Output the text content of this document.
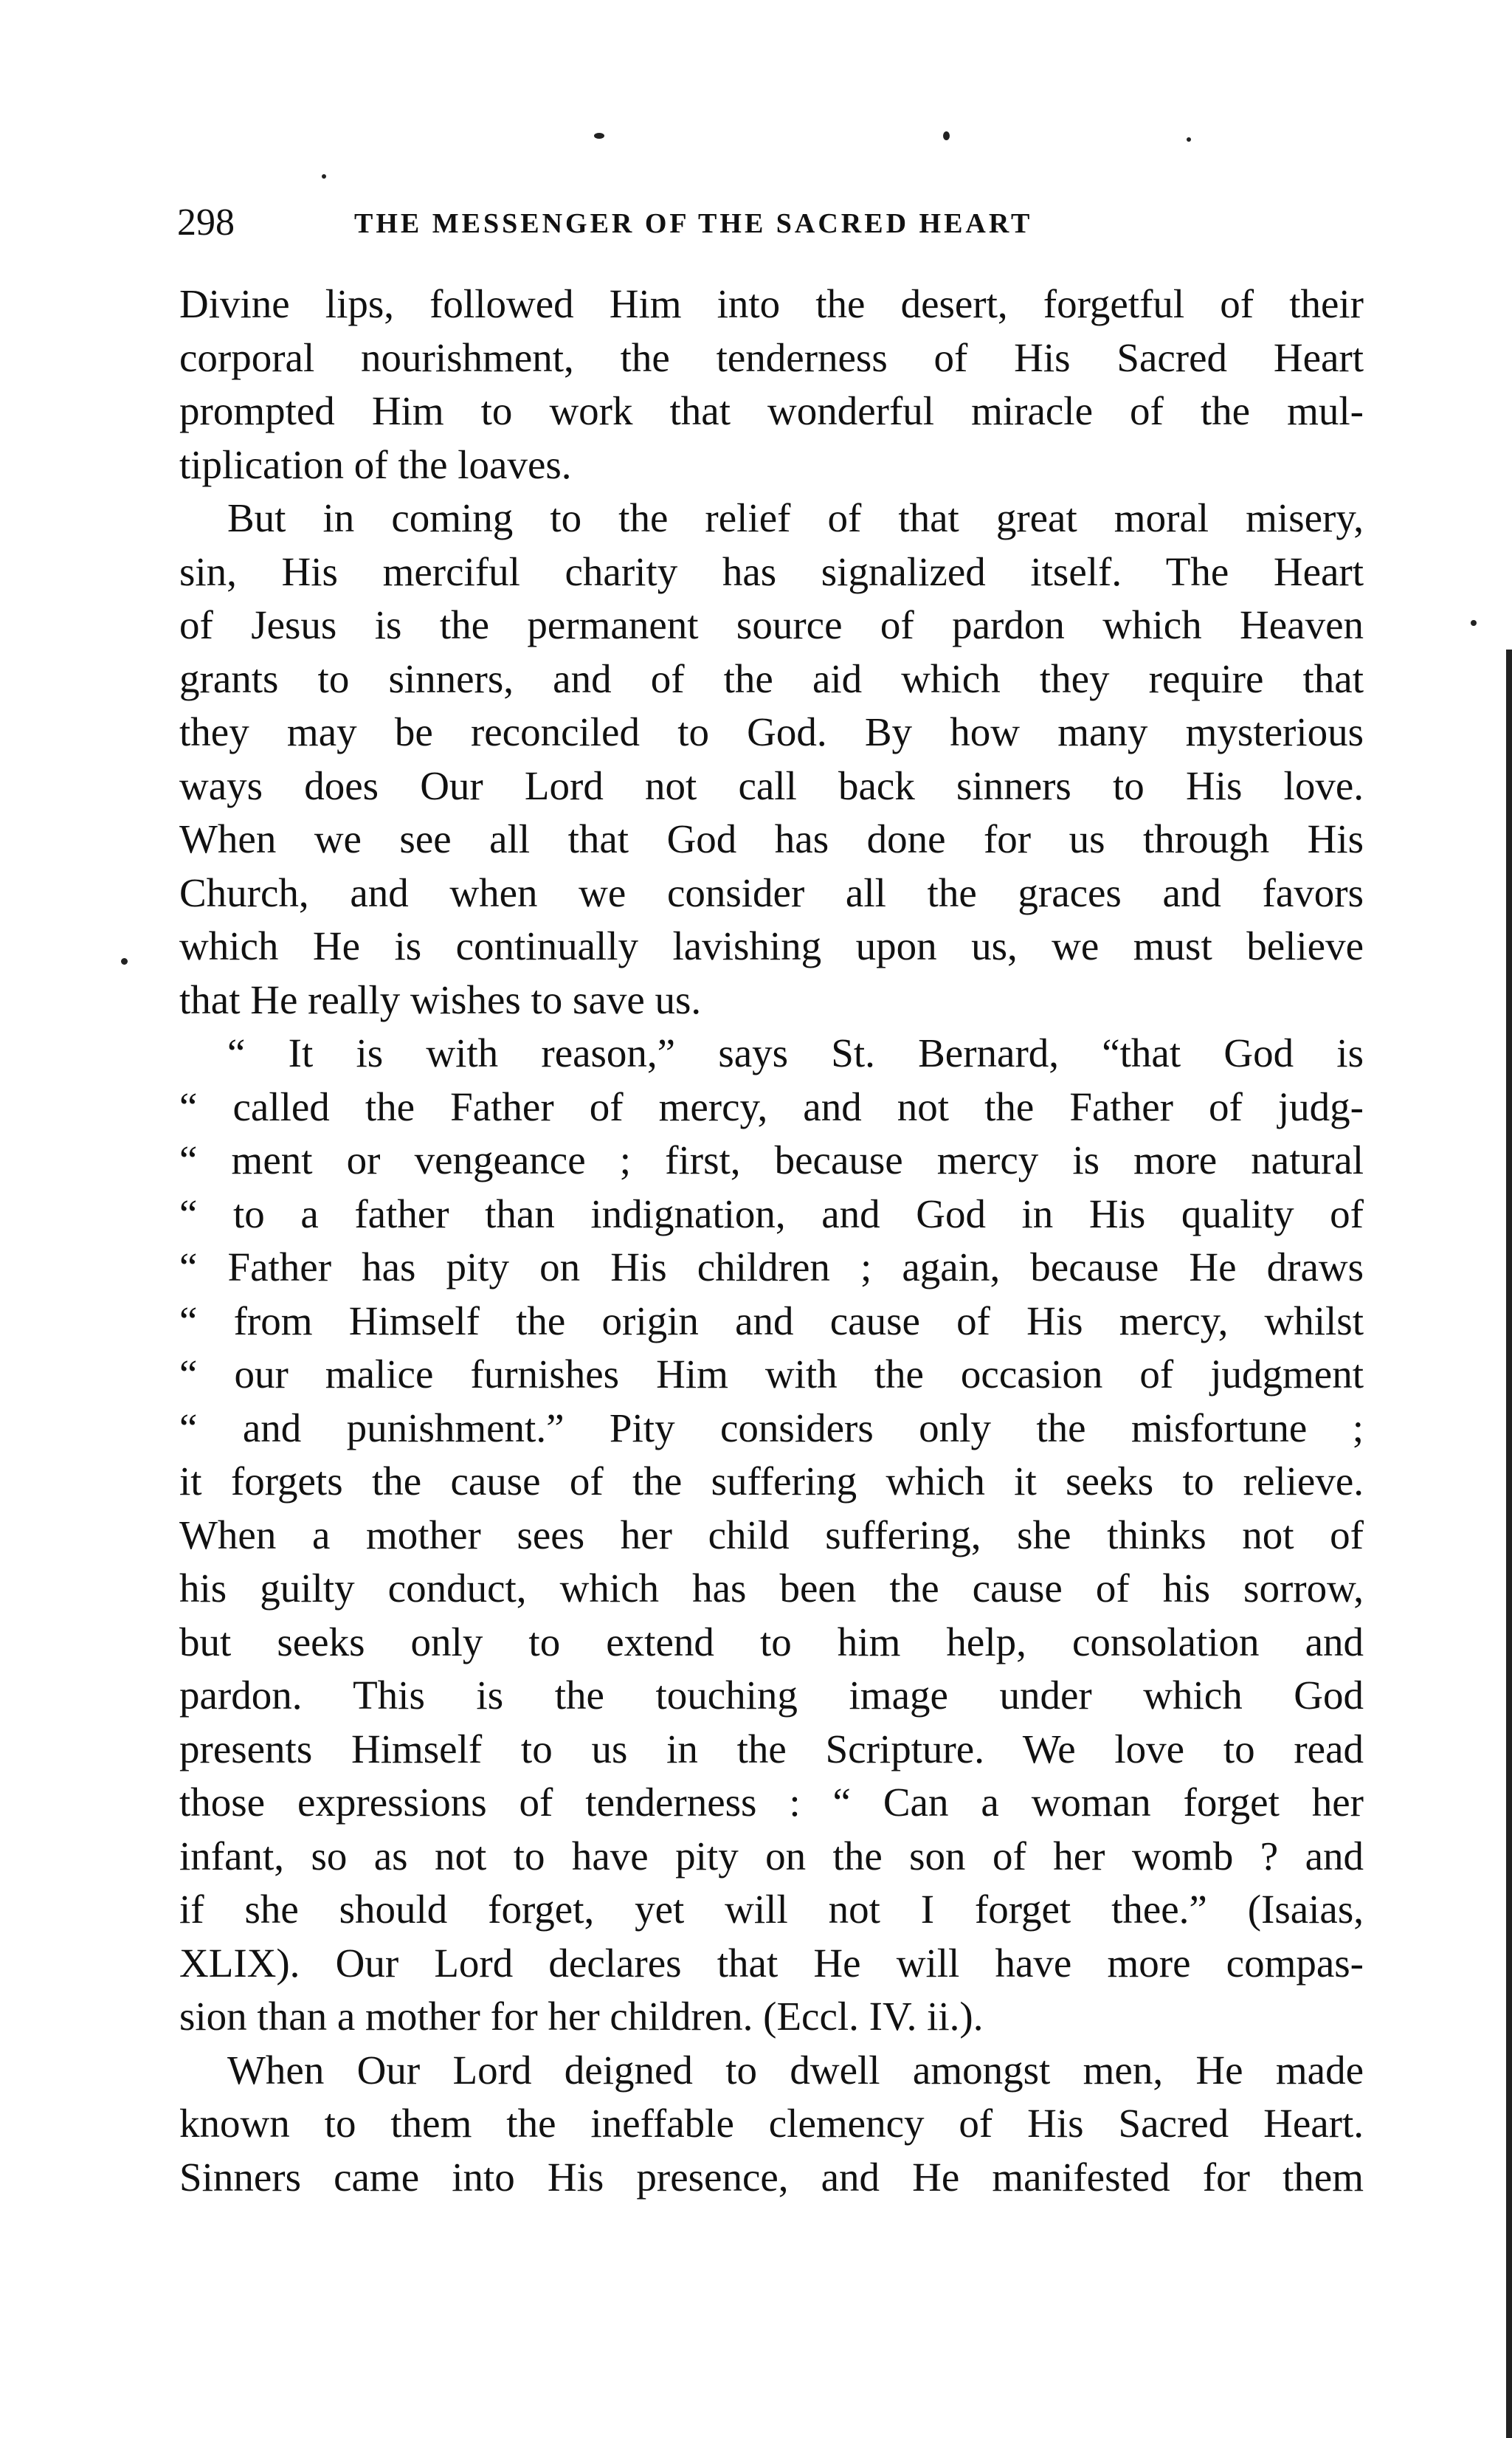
298	THE MESSENGER OF THE SACRED HEART
Divine lips, followed Him into the desert, forgetful of their
corporal nourishment, the tenderness of His Sacred Heart
prompted Him to work that wonderful miracle of the mul-
tiplication of the loaves.
But in coming to the relief of that great moral misery,
sin, His merciful charity has signalized itself. The Heart
of Jesus is the permanent source of pardon which Heaven
grants to sinners, and of the aid which they require that
they may be reconciled to God. By how many mysterious
ways does Our Lord not call back sinners to His love.
When we see all that God has done for us through His
Church, and when we consider all the graces and favors
which He is continually lavishing upon us, we must believe
that He really wishes to save us.
“ It is with reason,” says St. Bernard, “that God is
“ called the Father of mercy, and not the Father of judg-
“ ment or vengeance ; first, because mercy is more natural
“ to a father than indignation, and God in His quality of
“ Father has pity on His children ; again, because He draws
“ from Himself the origin and cause of His mercy, whilst
“ our malice furnishes Him with the occasion of judgment
“ and punishment.” Pity considers only the misfortune ;
it forgets the cause of the suffering which it seeks to relieve.
When a mother sees her child suffering, she thinks not of
his guilty conduct, which has been the cause of his sorrow,
but seeks only to extend to him help, consolation and
pardon. This is the touching image under which God
presents Himself to us in the Scripture. We love to read
those expressions of tenderness : “ Can a woman forget her
infant, so as not to have pity on the son of her womb ? and
if she should forget, yet will not I forget thee.” (Isaias,
XLIX). Our Lord declares that He will have more compas-
sion than a mother for her children. (Eccl. IV. ii.).
When Our Lord deigned to dwell amongst men, He made
known to them the ineffable clemency of His Sacred Heart.
Sinners came into His presence, and He manifested for them
